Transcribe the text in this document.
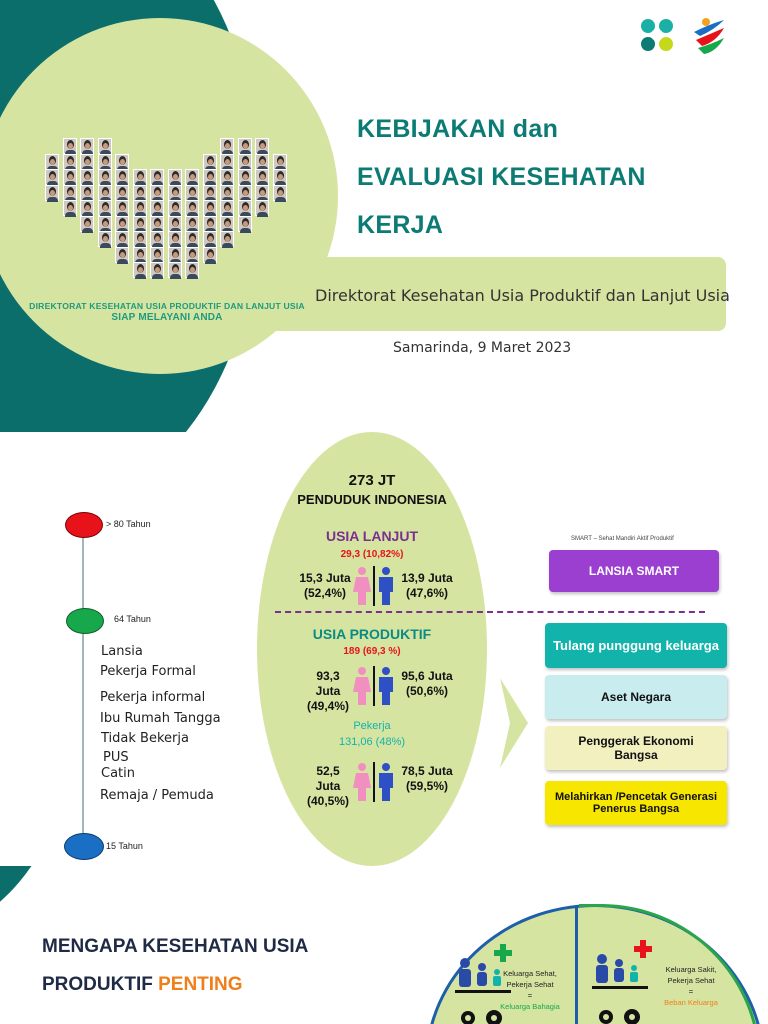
DIREKTORAT KESEHATAN USIA PRODUKTIF DAN LANJUT USIA
SIAP MELAYANI ANDA
KEBIJAKAN dan
EVALUASI KESEHATAN
KERJA
Direktorat Kesehatan Usia Produktif dan Lanjut Usia
Samarinda, 9 Maret 2023
> 80 Tahun
64 Tahun
15 Tahun
Lansia
Pekerja Formal
Pekerja informal
Ibu Rumah Tangga
Tidak Bekerja
PUS
Catin
Remaja / Pemuda
273 JT
PENDUDUK INDONESIA
USIA LANJUT
29,3 (10,82%)
15,3 Juta
(52,4%)
13,9 Juta
(47,6%)
USIA PRODUKTIF
189 (69,3 %)
93,3
Juta
(49,4%)
95,6 Juta
(50,6%)
Pekerja
131,06 (48%)
52,5
Juta
(40,5%)
78,5 Juta
(59,5%)
SMART – Sehat Mandiri Aktif Produktif
LANSIA SMART
Tulang punggung keluarga
Aset Negara
Penggerak Ekonomi Bangsa
Melahirkan /Pencetak Generasi Penerus Bangsa
MENGAPA KESEHATAN USIA
PRODUKTIF PENTING
Keluarga Sehat,
Pekerja Sehat
=
Keluarga Bahagia
Keluarga Sakit,
Pekerja Sehat
=
Beban Keluarga
